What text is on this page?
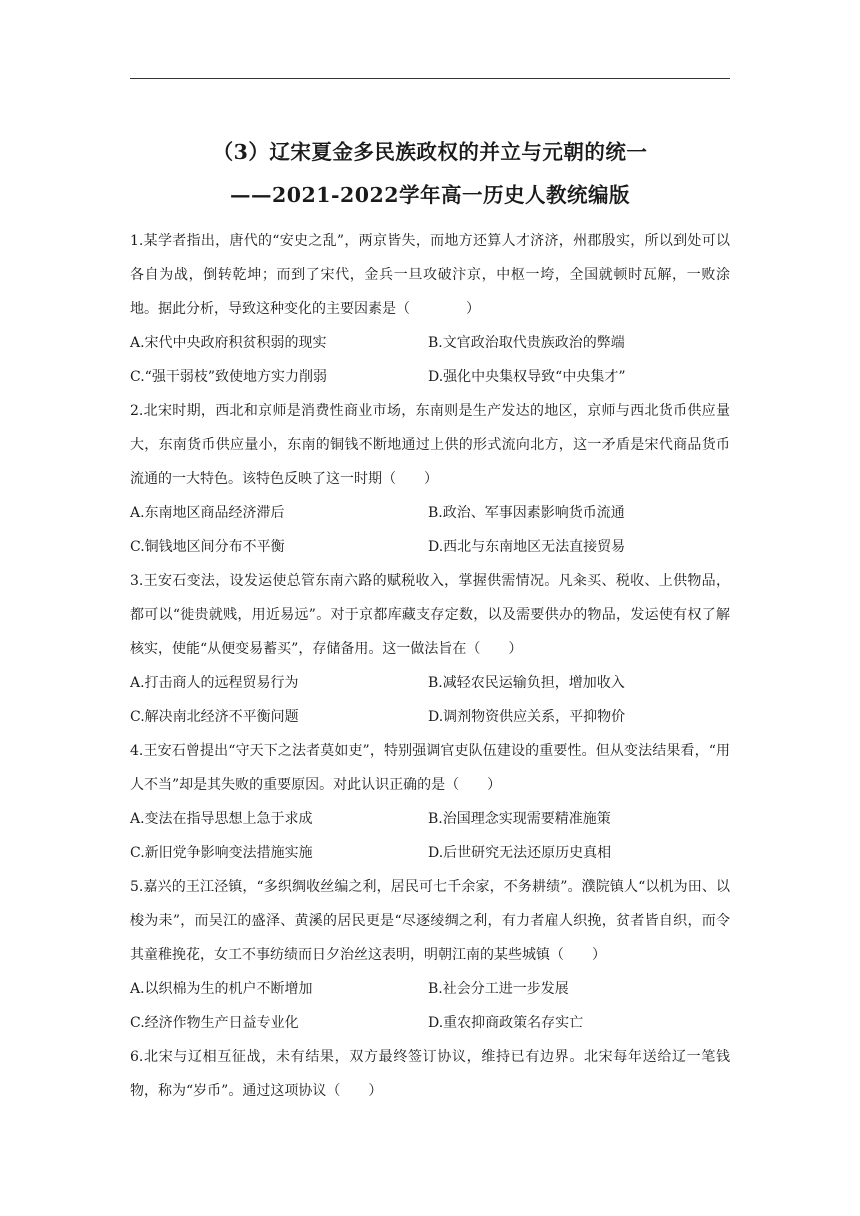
（3）辽宋夏金多民族政权的并立与元朝的统一
——2021-2022学年高一历史人教统编版

1.某学者指出，唐代的“安史之乱”，两京皆失，而地方还算人才济济，州郡殷实，所以到处可以各自为战，倒转乾坤；而到了宋代，金兵一旦攻破汴京，中枢一垮，全国就顿时瓦解，一败涂地。据此分析，导致这种变化的主要因素是（　　　　）

A.宋代中央政府积贫积弱的现实	B.文官政治取代贵族政治的弊端

C.“强干弱枝”致使地方实力削弱	D.强化中央集权导致“中央集才”

2.北宋时期，西北和京师是消费性商业市场，东南则是生产发达的地区，京师与西北货币供应量大，东南货币供应量小，东南的铜钱不断地通过上供的形式流向北方，这一矛盾是宋代商品货币流通的一大特色。该特色反映了这一时期（　　）

A.东南地区商品经济滞后	B.政治、军事因素影响货币流通

C.铜钱地区间分布不平衡	D.西北与东南地区无法直接贸易

3.王安石变法，设发运使总管东南六路的赋税收入，掌握供需情况。凡籴买、税收、上供物品，都可以“徙贵就贱，用近易远”。对于京都库藏支存定数，以及需要供办的物品，发运使有权了解核实，使能“从便变易蓄买”，存储备用。这一做法旨在（　　）

A.打击商人的远程贸易行为	B.减轻农民运输负担，增加收入

C.解决南北经济不平衡问题	D.调剂物资供应关系，平抑物价

4.王安石曾提出“守天下之法者莫如吏”，特别强调官吏队伍建设的重要性。但从变法结果看，“用人不当”却是其失败的重要原因。对此认识正确的是（　　）

A.变法在指导思想上急于求成	B.治国理念实现需要精准施策

C.新旧党争影响变法措施实施	D.后世研究无法还原历史真相

5.嘉兴的王江泾镇，“多织绸收丝编之利，居民可七千余家，不务耕绩”。濮院镇人“以机为田、以梭为耒”，而吴江的盛泽、黄溪的居民更是“尽逐绫绸之利，有力者雇人织挽，贫者皆自织，而令其童稚挽花，女工不事纺绩而日夕治丝这表明，明朝江南的某些城镇（　　）

A.以织棉为生的机户不断增加	B.社会分工进一步发展

C.经济作物生产日益专业化	D.重农抑商政策名存实亡

6.北宋与辽相互征战，未有结果，双方最终签订协议，维持已有边界。北宋每年送给辽一笔钱物，称为“岁币”。通过这项协议（　　）
